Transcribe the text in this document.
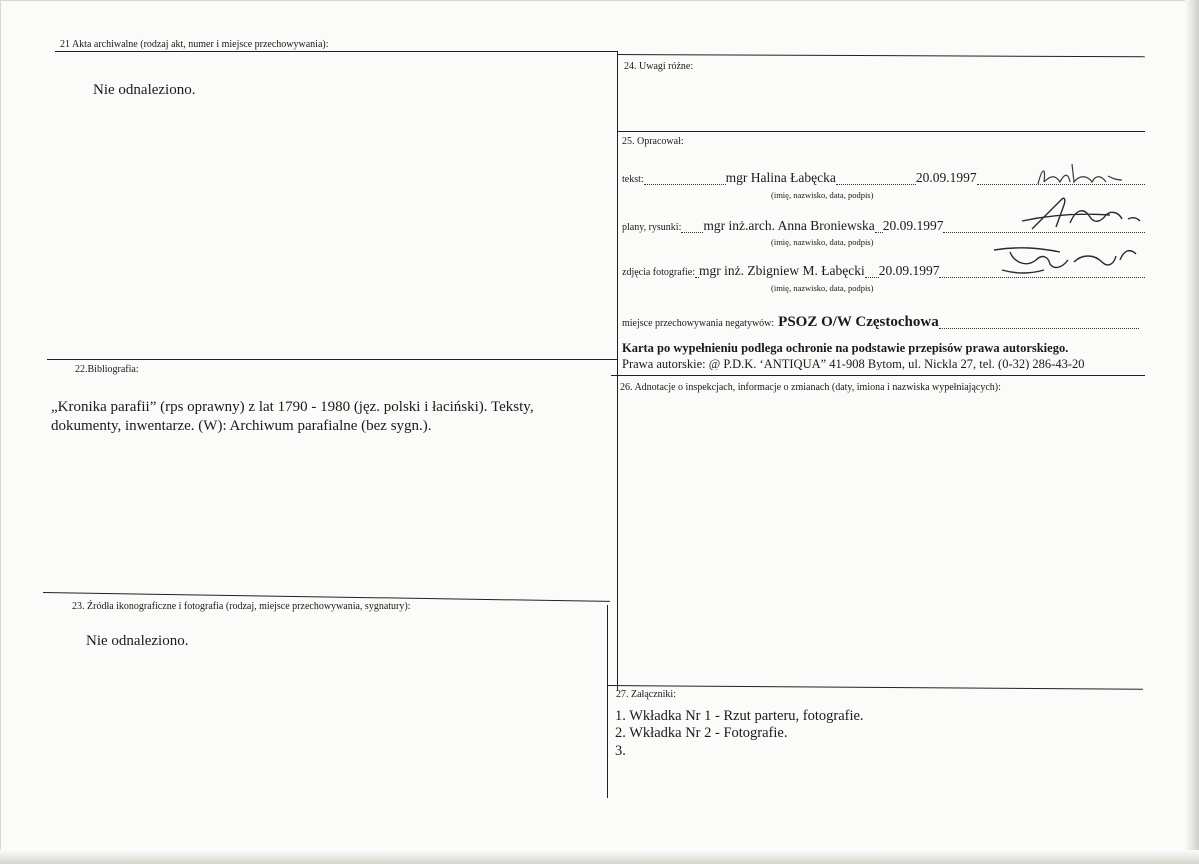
21 Akta archiwalne (rodzaj akt, numer i miejsce przechowywania):
Nie odnaleziono.
22.Bibliografia:
„Kronika parafii” (rps oprawny) z lat 1790 - 1980 (jęz. polski i łaciński). Teksty, dokumenty, inwentarze. (W): Archiwum parafialne (bez sygn.).
23. Źródła ikonograficzne i fotografia (rodzaj, miejsce przechowywania, sygnatury):
Nie odnaleziono.
24. Uwagi różne:
25. Opracował:
tekst:	mgr Halina Łabęcka	20.09.1997
(imię, nazwisko, data, podpis)
plany, rysunki: mgr inż.arch. Anna Broniewska 20.09.1997
(imię, nazwisko, data, podpis)
zdjęcia fotografie: mgr inż. Zbigniew M. Łabęcki 20.09.1997
(imię, nazwisko, data, podpis)
miejsce przechowywania negatywów: PSOZ O/W Częstochowa
Karta po wypełnieniu podlega ochronie na podstawie przepisów prawa autorskiego.
Prawa autorskie: @ P.D.K. ‘ANTIQUA” 41-908 Bytom, ul. Nickla 27, tel. (0-32) 286-43-20
26. Adnotacje o inspekcjach, informacje o zmianach (daty, imiona i nazwiska wypełniających):
27. Załączniki:
1. Wkładka Nr 1 - Rzut parteru, fotografie.
2. Wkładka Nr 2 - Fotografie.
3.
